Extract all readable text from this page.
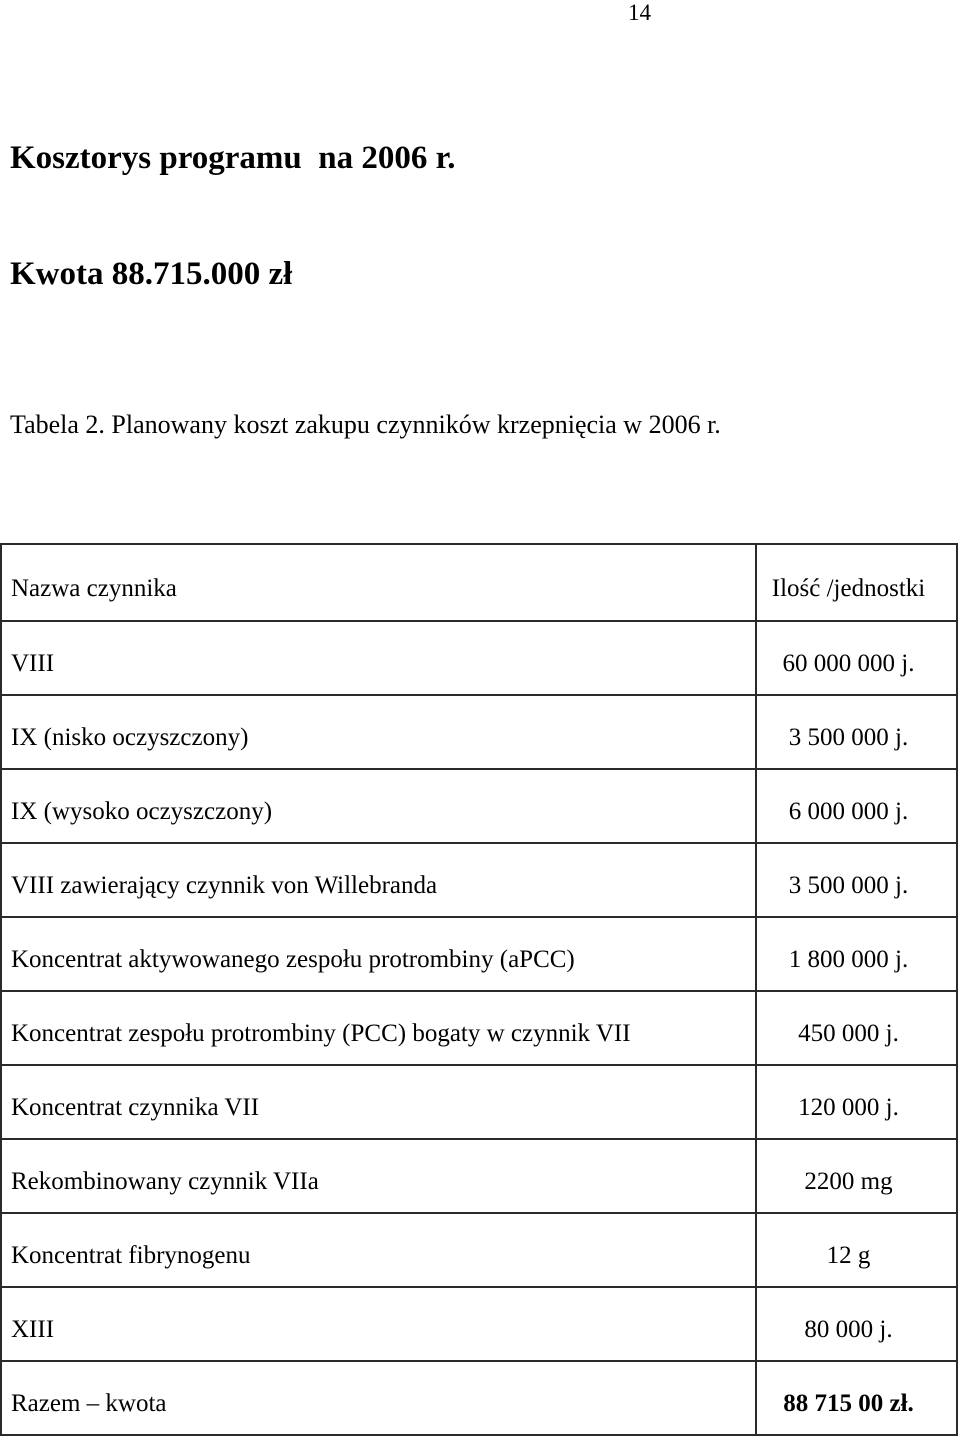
14
Kosztorys programu  na 2006 r.
Kwota 88.715.000 zł

Tabela 2. Planowany koszt zakupu czynników krzepnięcia w 2006 r.

Nazwa czynnika	Ilość /jednostki
VIII	60 000 000 j.
IX (nisko oczyszczony)	3 500 000 j.
IX (wysoko oczyszczony)	6 000 000 j.
VIII zawierający czynnik von Willebranda	3 500 000 j.
Koncentrat aktywowanego zespołu protrombiny (aPCC)	1 800 000 j.
Koncentrat zespołu protrombiny (PCC) bogaty w czynnik VII	450 000 j.
Koncentrat czynnika VII	120 000 j.
Rekombinowany czynnik VIIa	2200 mg
Koncentrat fibrynogenu	12 g
XIII	80 000 j.
Razem – kwota	88 715 00 zł.
